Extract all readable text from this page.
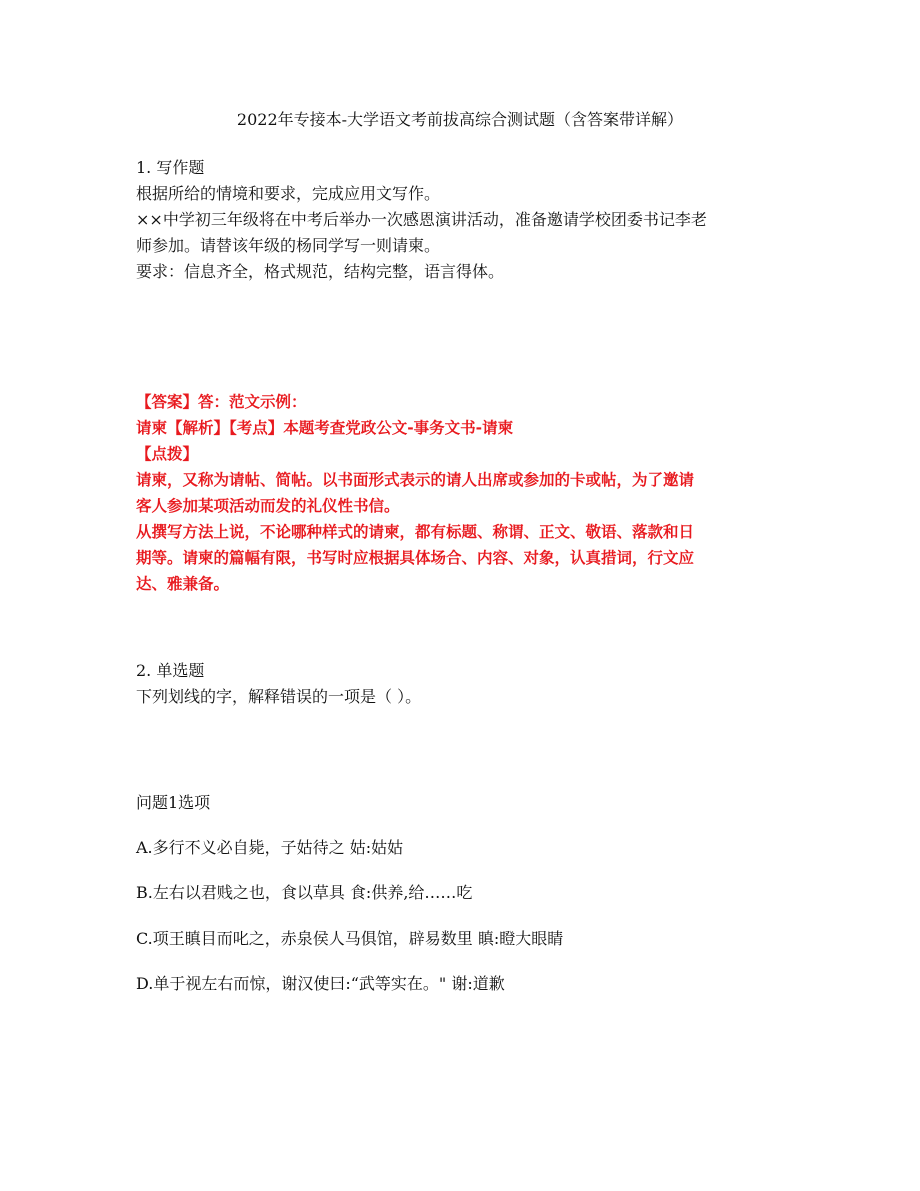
2022年专接本-大学语文考前拔高综合测试题（含答案带详解）
1. 写作题
根据所给的情境和要求，完成应用文写作。
××中学初三年级将在中考后举办一次感恩演讲活动，准备邀请学校团委书记李老
师参加。请替该年级的杨同学写一则请柬。
要求：信息齐全，格式规范，结构完整，语言得体。
【答案】答：范文示例：
请柬【解析】【考点】本题考查党政公文-事务文书-请柬
【点拨】
请柬，又称为请帖、简帖。以书面形式表示的请人出席或参加的卡或帖，为了邀请
客人参加某项活动而发的礼仪性书信。
从撰写方法上说，不论哪种样式的请柬，都有标题、称谓、正文、敬语、落款和日
期等。请柬的篇幅有限，书写时应根据具体场合、内容、对象，认真措词，行文应
达、雅兼备。
2. 单选题
下列划线的字，解释错误的一项是（ ）。
问题1选项
A.多行不义必自毙，子姑待之 姑:姑姑
B.左右以君贱之也，食以草具 食:供养,给……吃
C.项王瞋目而叱之，赤泉侯人马俱馆，辟易数里 瞋:瞪大眼睛
D.单于视左右而惊，谢汉使曰:“武等实在。" 谢:道歉
